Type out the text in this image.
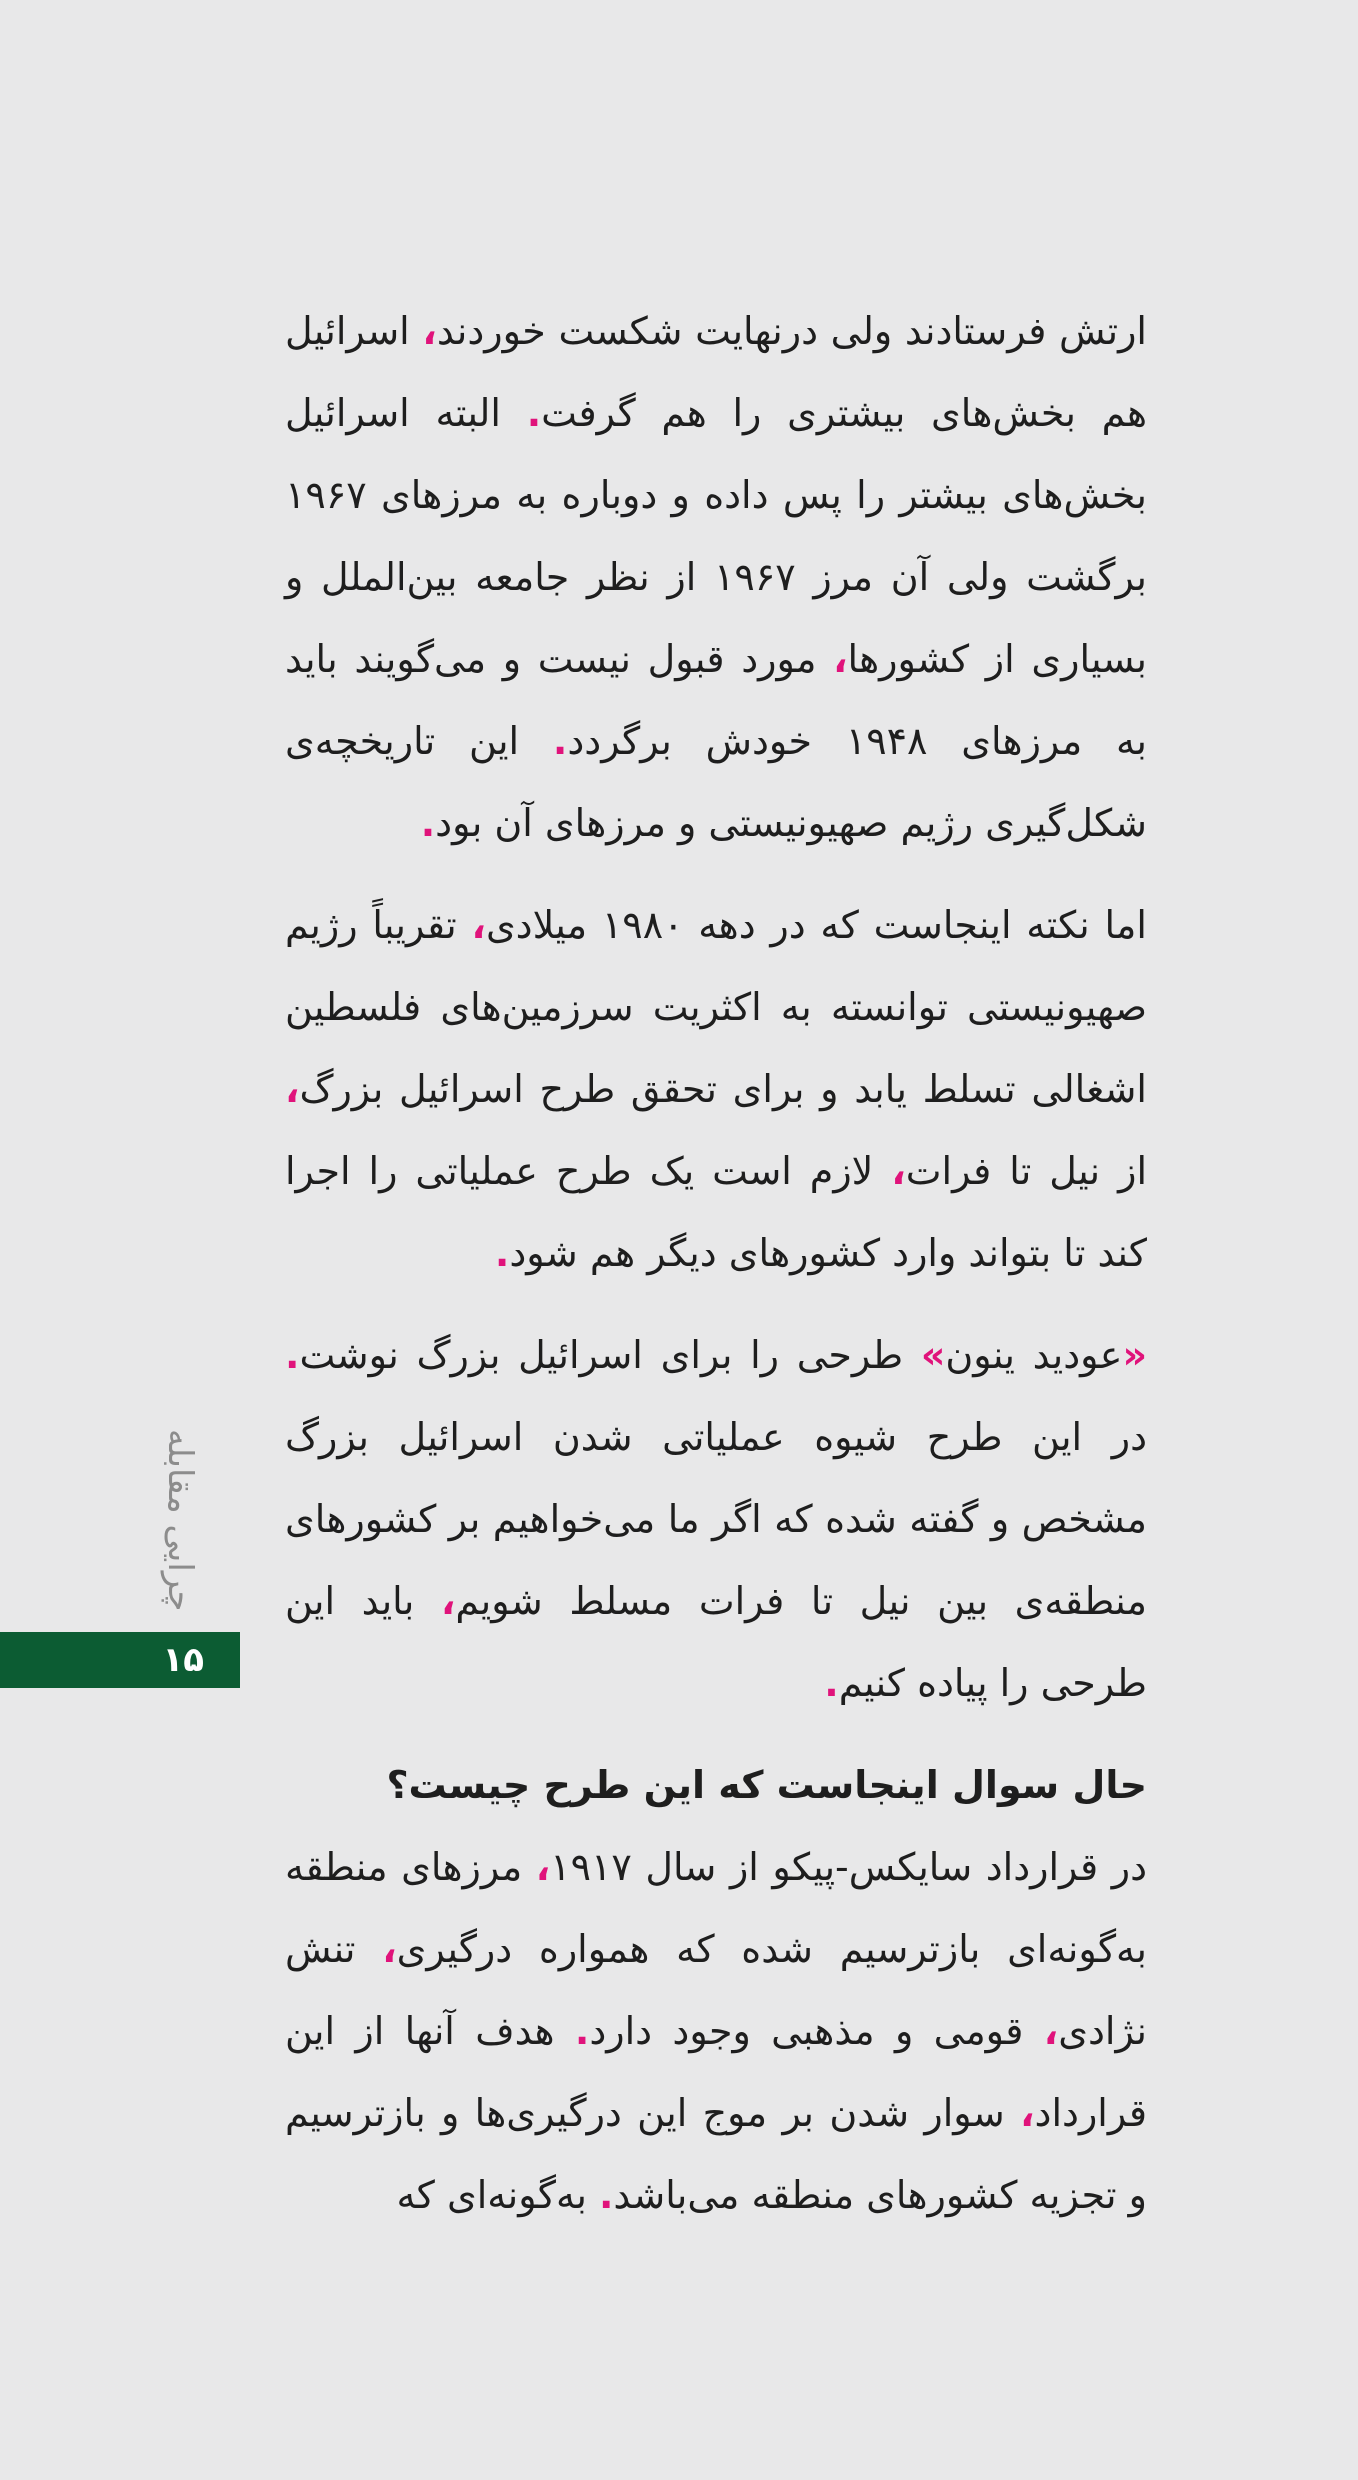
ارتش فرستادند ولی درنهایت شکست خوردند، اسرائیل هم بخش‌های بیشتری را هم گرفت. البته اسرائیل بخش‌های بیشتر را پس داده و دوباره به مرزهای ۱۹۶۷ برگشت ولی آن مرز ۱۹۶۷ از نظر جامعه بین‌الملل و بسیاری از کشورها، مورد قبول نیست و می‌گویند باید به مرزهای ۱۹۴۸ خودش برگردد. این تاریخچه‌ی شکل‌گیری رژیم صهیونیستی و مرزهای آن بود.

اما نکته اینجاست که در دهه ۱۹۸۰ میلادی، تقریباً رژیم صهیونیستی توانسته به اکثریت سرزمین‌های فلسطین اشغالی تسلط یابد و برای تحقق طرح اسرائیل بزرگ، از نیل تا فرات، لازم است یک طرح عملیاتی را اجرا کند تا بتواند وارد کشورهای دیگر هم شود.

«عودید ینون» طرحی را برای اسرائیل بزرگ نوشت. در این طرح شیوه عملیاتی شدن اسرائیل بزرگ مشخص و گفته شده که اگر ما می‌خواهیم بر کشورهای منطقه‌ی بین نیل تا فرات مسلط شویم، باید این طرحی را پیاده کنیم.

حال سوال اینجاست که این طرح چیست؟

در قرارداد سایکس-پیکو از سال ۱۹۱۷، مرزهای منطقه به‌گونه‌ای بازترسیم شده که همواره درگیری، تنش نژادی، قومی و مذهبی وجود دارد. هدف آنها از این قرارداد، سوار شدن بر موج این درگیری‌ها و بازترسیم و تجزیه کشورهای منطقه می‌باشد. به‌گونه‌ای که

چرایی مقابله
۱۵
